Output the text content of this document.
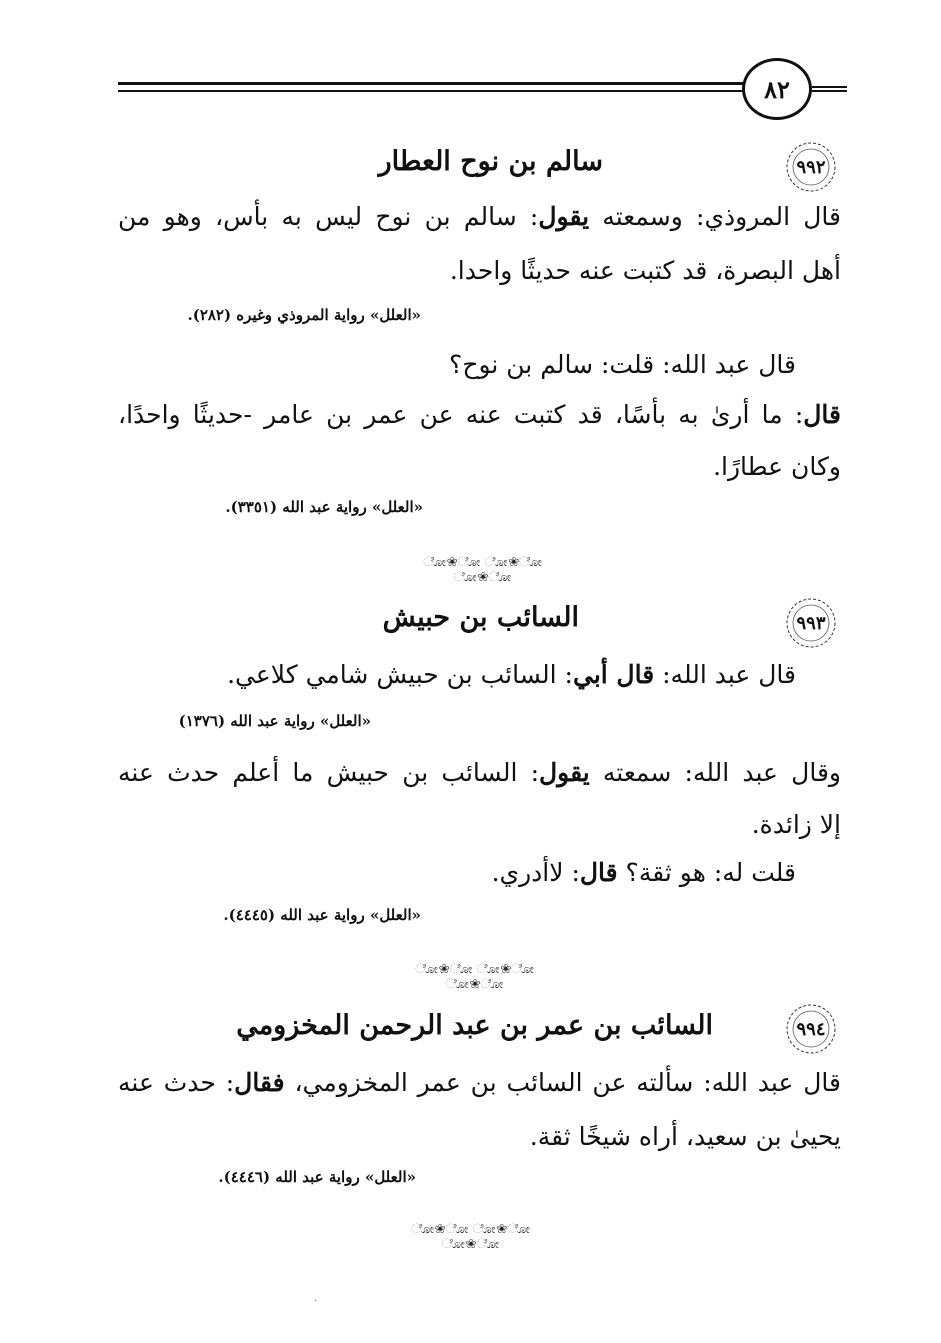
٨٢
٩٩٢
سالم بن نوح العطار
قال المروذي: وسمعته يقول: سالم بن نوح ليس به بأس، وهو من
أهل البصرة، قد كتبت عنه حديثًا واحدا.
«العلل» رواية المروذي وغيره (٢٨٢).
قال عبد الله: قلت: سالم بن نوح؟
قال: ما أرىٰ به بأسًا، قد كتبت عنه عن عمر بن عامر -حديثًا واحدًا،
وكان عطارًا.
«العلل» رواية عبد الله (٣٣٥١).
ೋ❀ೋ ೋ❀ೋ ೋ❀ೋ
٩٩٣
السائب بن حبيش
قال عبد الله: قال أبي: السائب بن حبيش شامي كلاعي.
«العلل» رواية عبد الله (١٣٧٦)
وقال عبد الله: سمعته يقول: السائب بن حبيش ما أعلم حدث عنه
إلا زائدة.
قلت له: هو ثقة؟ قال: لاأدري.
«العلل» رواية عبد الله (٤٤٤٥).
ೋ❀ೋ ೋ❀ೋ ೋ❀ೋ
٩٩٤
السائب بن عمر بن عبد الرحمن المخزومي
قال عبد الله: سألته عن السائب بن عمر المخزومي، فقال: حدث عنه
يحيىٰ بن سعيد، أراه شيخًا ثقة.
«العلل» رواية عبد الله (٤٤٤٦).
ೋ❀ೋ ೋ❀ೋ ೋ❀ೋ
·
